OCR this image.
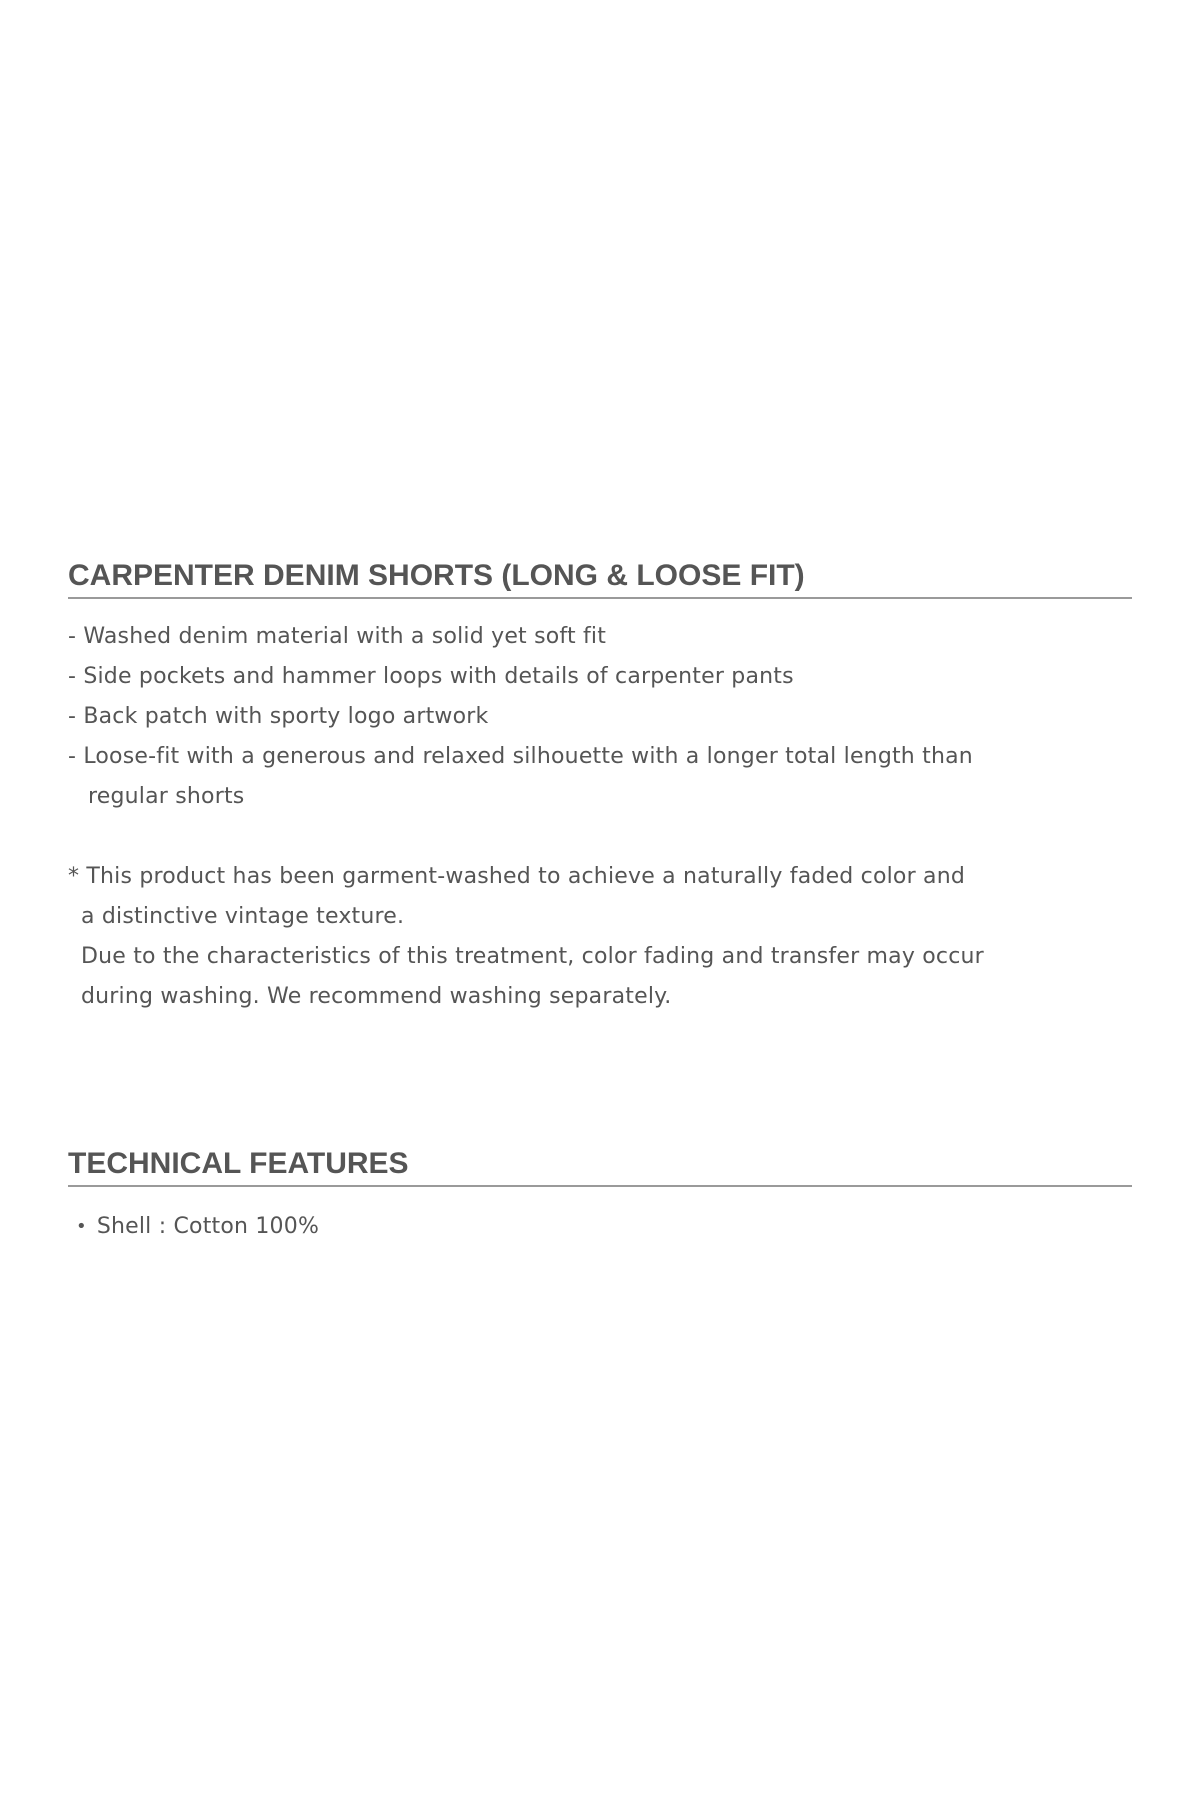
CARPENTER DENIM SHORTS (LONG & LOOSE FIT)
- Washed denim material with a solid yet soft fit
- Side pockets and hammer loops with details of carpenter pants
- Back patch with sporty logo artwork
- Loose-fit with a generous and relaxed silhouette with a longer total length than
regular shorts
* This product has been garment-washed to achieve a naturally faded color and
a distinctive vintage texture.
Due to the characteristics of this treatment, color fading and transfer may occur
during washing. We recommend washing separately.
TECHNICAL FEATURES
• Shell : Cotton 100%
